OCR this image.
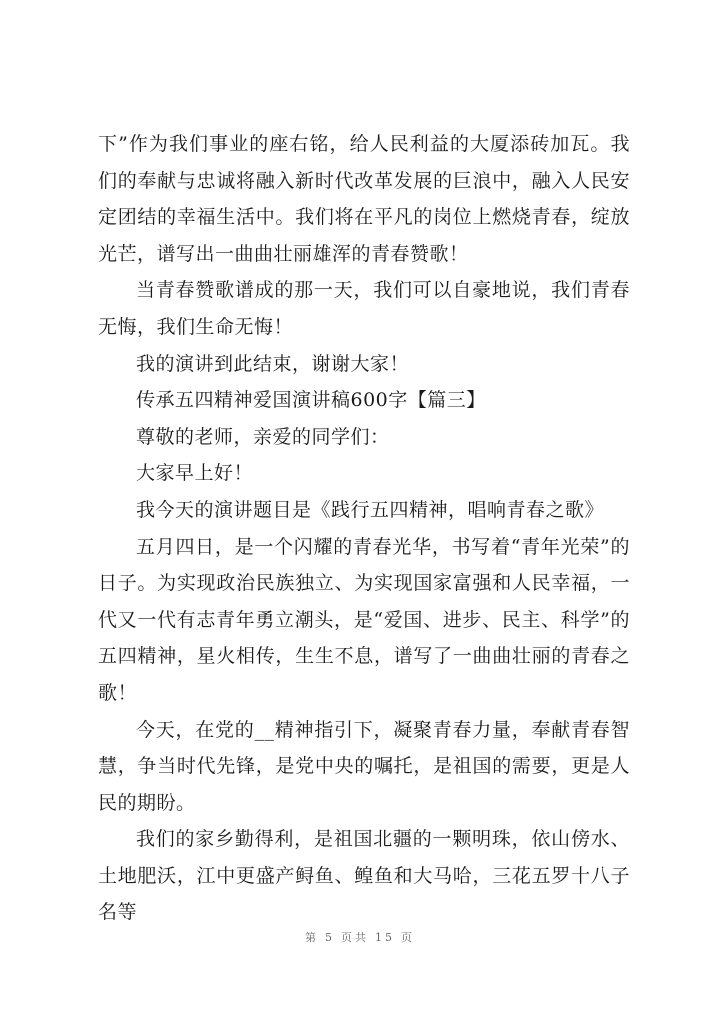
下”作为我们事业的座右铭，给人民利益的大厦添砖加瓦。我们的奉献与忠诚将融入新时代改革发展的巨浪中，融入人民安定团结的幸福生活中。我们将在平凡的岗位上燃烧青春，绽放光芒，谱写出一曲曲壮丽雄浑的青春赞歌！

当青春赞歌谱成的那一天，我们可以自豪地说，我们青春无悔，我们生命无悔！

我的演讲到此结束，谢谢大家！

传承五四精神爱国演讲稿600字【篇三】

尊敬的老师，亲爱的同学们：

大家早上好！

我今天的演讲题目是《践行五四精神，唱响青春之歌》

五月四日，是一个闪耀的青春光华，书写着“青年光荣”的日子。为实现政治民族独立、为实现国家富强和人民幸福，一代又一代有志青年勇立潮头，是“爱国、进步、民主、科学”的五四精神，星火相传，生生不息，谱写了一曲曲壮丽的青春之歌！

今天，在党的__精神指引下，凝聚青春力量，奉献青春智慧，争当时代先锋，是党中央的嘱托，是祖国的需要，更是人民的期盼。

我们的家乡勤得利，是祖国北疆的一颗明珠，依山傍水、土地肥沃，江中更盛产鲟鱼、鳇鱼和大马哈，三花五罗十八子名等

第 5 页共 15 页
